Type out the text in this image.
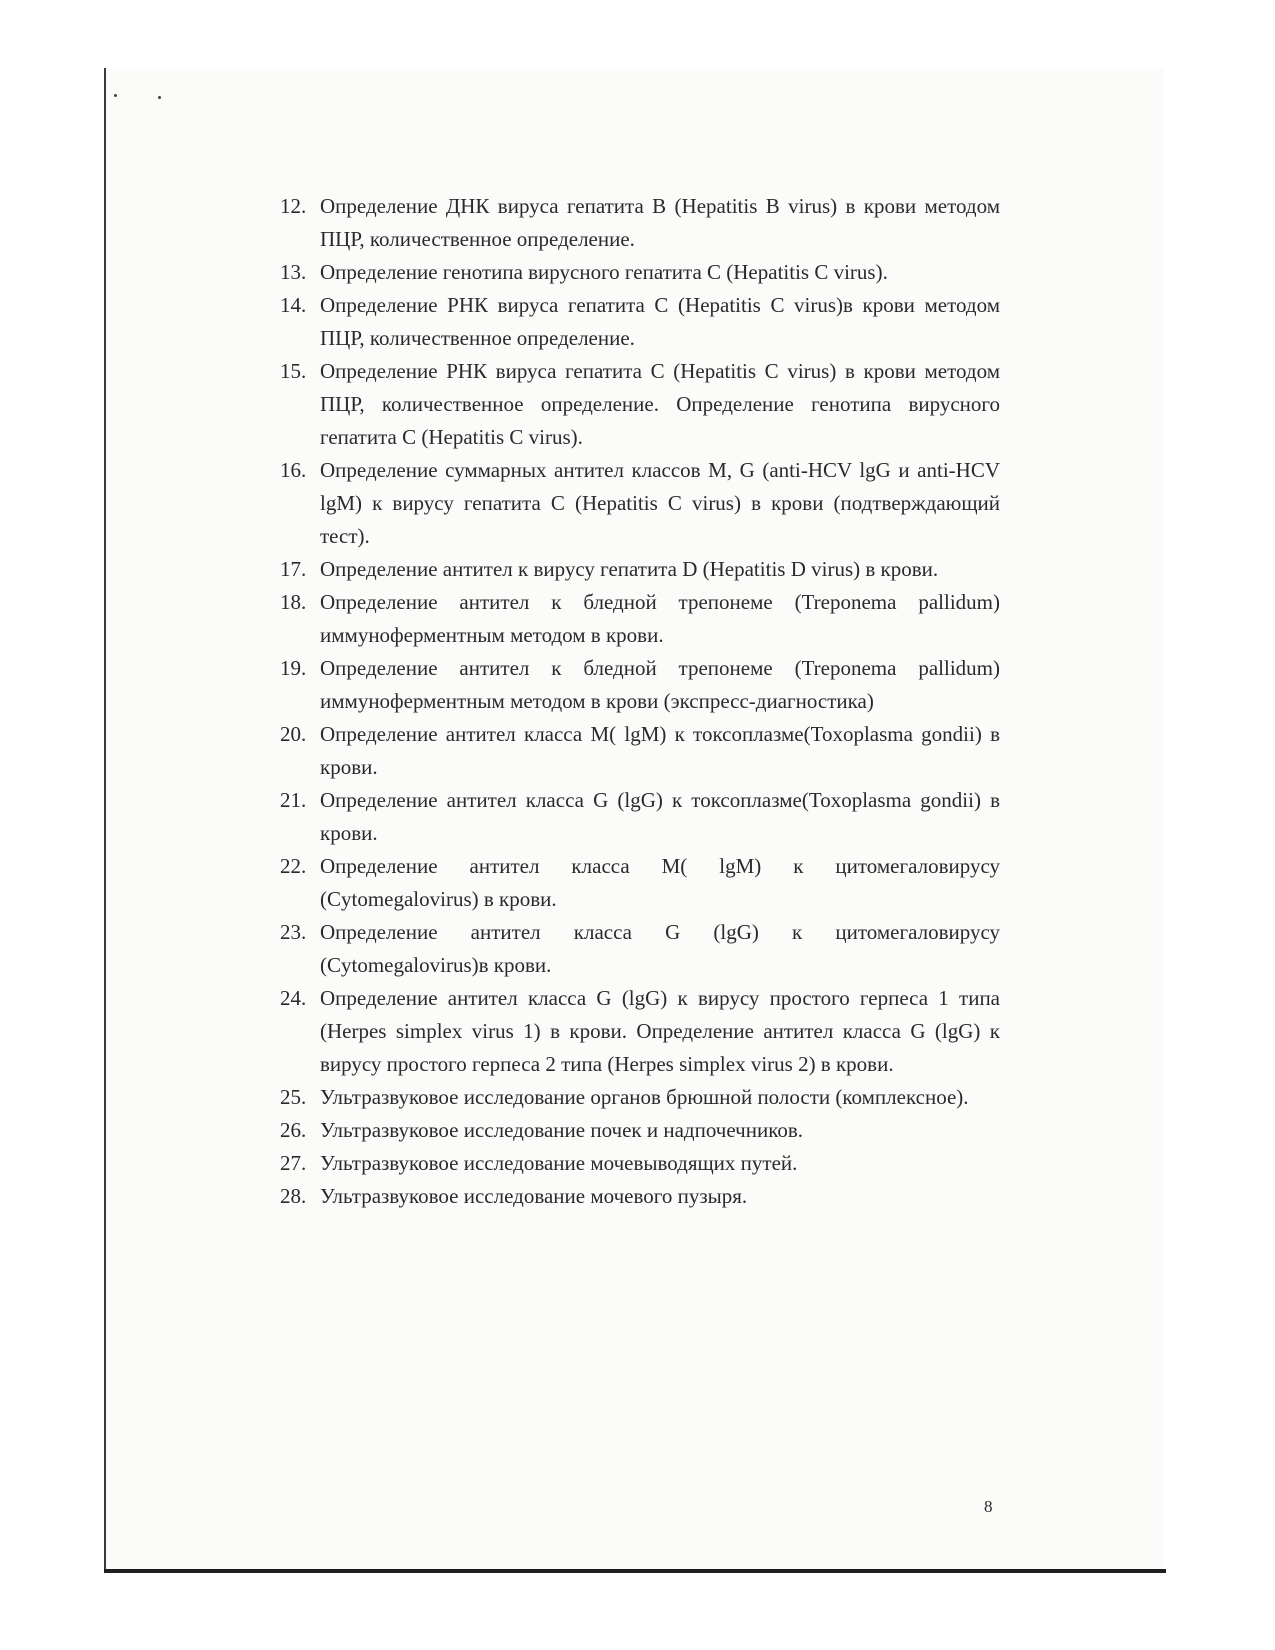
12. Определение ДНК вируса гепатита В (Hepatitis B virus) в крови методом ПЦР, количественное определение.
13. Определение генотипа вирусного гепатита С (Hepatitis C virus).
14. Определение РНК вируса гепатита С (Hepatitis C virus)в крови методом ПЦР, количественное определение.
15. Определение РНК вируса гепатита С (Hepatitis C virus) в крови методом ПЦР, количественное определение. Определение генотипа вирусного гепатита С (Hepatitis C virus).
16. Определение суммарных антител классов M, G (anti-HCV lgG и anti-HCV lgM) к вирусу гепатита С (Hepatitis C virus) в крови (подтверждающий тест).
17. Определение антител к вирусу гепатита D (Hepatitis D virus) в крови.
18. Определение антител к бледной трепонеме (Treponema pallidum) иммуноферментным методом в крови.
19. Определение антител к бледной трепонеме (Treponema pallidum) иммуноферментным методом в крови (экспресс-диагностика)
20. Определение антител класса M( lgM) к токсоплазме(Toxoplasma gondii) в крови.
21. Определение антител класса G (lgG) к токсоплазме(Toxoplasma gondii) в крови.
22. Определение антител класса M( lgM) к цитомегаловирусу (Cytomegalovirus) в крови.
23. Определение антител класса G (lgG) к цитомегаловирусу (Cytomegalovirus)в крови.
24. Определение антител класса G (lgG) к вирусу простого герпеса 1 типа (Herpes simplex virus 1) в крови. Определение антител класса G (lgG) к вирусу простого герпеса 2 типа (Herpes simplex virus 2) в крови.
25. Ультразвуковое исследование органов брюшной полости (комплексное).
26. Ультразвуковое исследование почек и надпочечников.
27. Ультразвуковое исследование мочевыводящих путей.
28. Ультразвуковое исследование мочевого пузыря.
8
